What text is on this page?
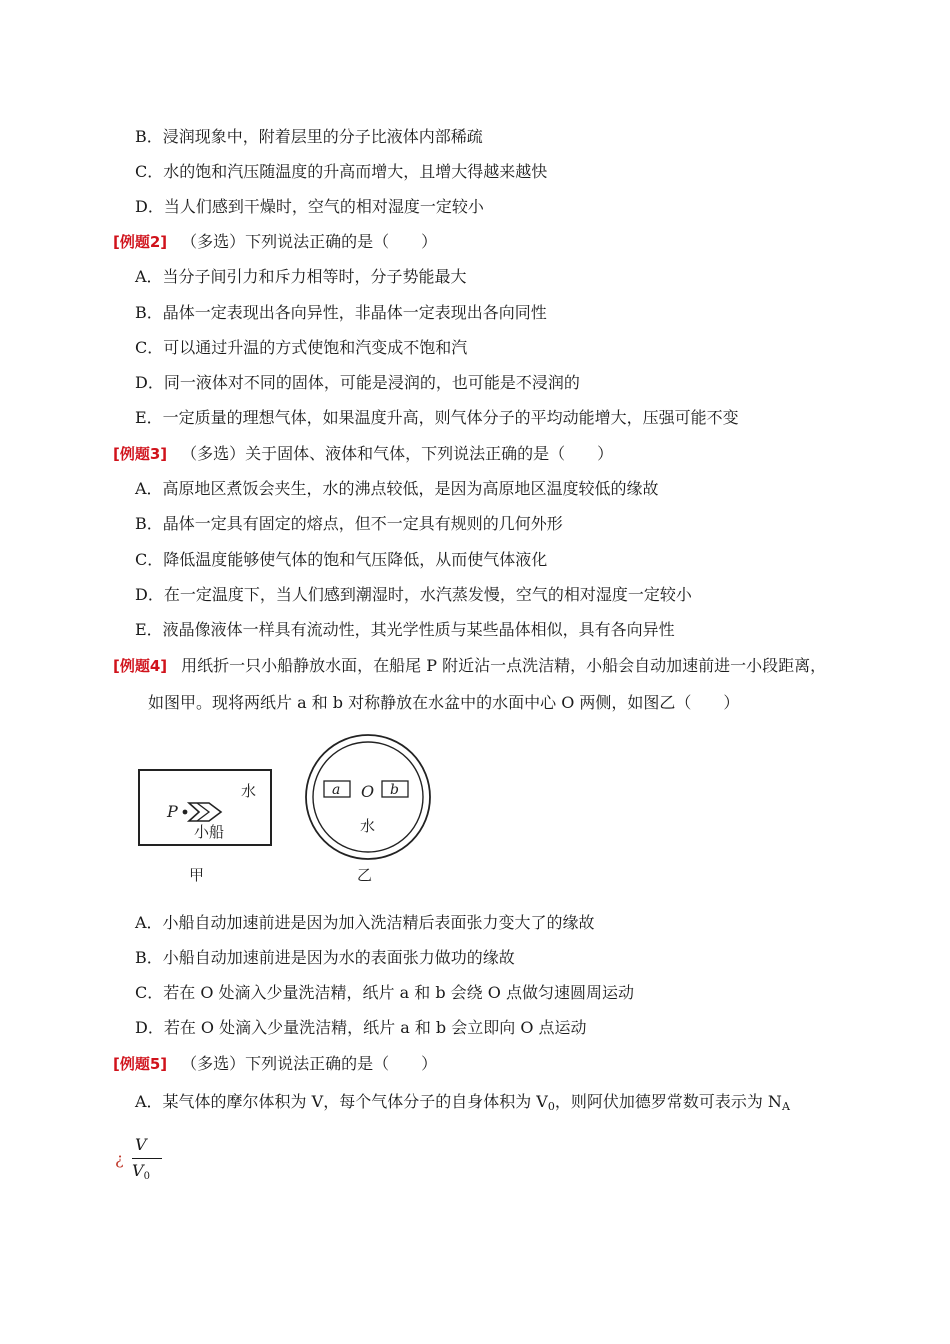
B．浸润现象中，附着层里的分子比液体内部稀疏
C．水的饱和汽压随温度的升高而增大，且增大得越来越快
D．当人们感到干燥时，空气的相对湿度一定较小
[例题2] （多选）下列说法正确的是（　　）
A．当分子间引力和斥力相等时，分子势能最大
B．晶体一定表现出各向异性，非晶体一定表现出各向同性
C．可以通过升温的方式使饱和汽变成不饱和汽
D．同一液体对不同的固体，可能是浸润的，也可能是不浸润的
E．一定质量的理想气体，如果温度升高，则气体分子的平均动能增大，压强可能不变
[例题3] （多选）关于固体、液体和气体，下列说法正确的是（　　）
A．高原地区煮饭会夹生，水的沸点较低，是因为高原地区温度较低的缘故
B．晶体一定具有固定的熔点，但不一定具有规则的几何外形
C．降低温度能够使气体的饱和气压降低，从而使气体液化
D．在一定温度下，当人们感到潮湿时，水汽蒸发慢，空气的相对湿度一定较小
E．液晶像液体一样具有流动性，其光学性质与某些晶体相似，具有各向异性
[例题4] 用纸折一只小船静放水面，在船尾 P 附近沾一点洗洁精，小船会自动加速前进一小段距离，
如图甲。现将两纸片 a 和 b 对称静放在水盆中的水面中心 O 两侧，如图乙（　　）
水
P
小船
甲
a O b
水
乙
A．小船自动加速前进是因为加入洗洁精后表面张力变大了的缘故
B．小船自动加速前进是因为水的表面张力做功的缘故
C．若在 O 处滴入少量洗洁精，纸片 a 和 b 会绕 O 点做匀速圆周运动
D．若在 O 处滴入少量洗洁精，纸片 a 和 b 会立即向 O 点运动
[例题5] （多选）下列说法正确的是（　　）
A．某气体的摩尔体积为 V，每个气体分子的自身体积为 $V_0$，则阿伏加德罗常数可表示为 $N_A$
¿
V
$V_0$
